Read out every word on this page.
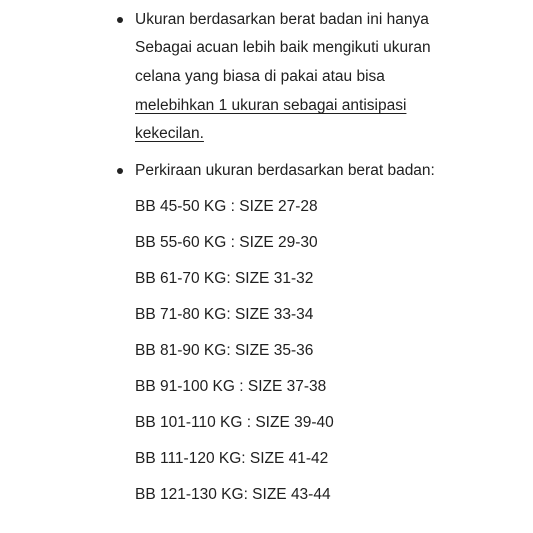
Ukuran berdasarkan berat badan ini hanya
Sebagai acuan lebih baik mengikuti ukuran
celana yang biasa di pakai atau bisa
melebihkan 1 ukuran sebagai antisipasi
kekecilan.
Perkiraan ukuran berdasarkan berat badan:
BB 45-50 KG : SIZE 27-28
BB 55-60 KG : SIZE 29-30
BB 61-70 KG: SIZE 31-32
BB 71-80 KG: SIZE 33-34
BB 81-90 KG: SIZE 35-36
BB 91-100 KG : SIZE 37-38
BB 101-110 KG : SIZE 39-40
BB 111-120 KG: SIZE 41-42
BB 121-130 KG: SIZE 43-44
